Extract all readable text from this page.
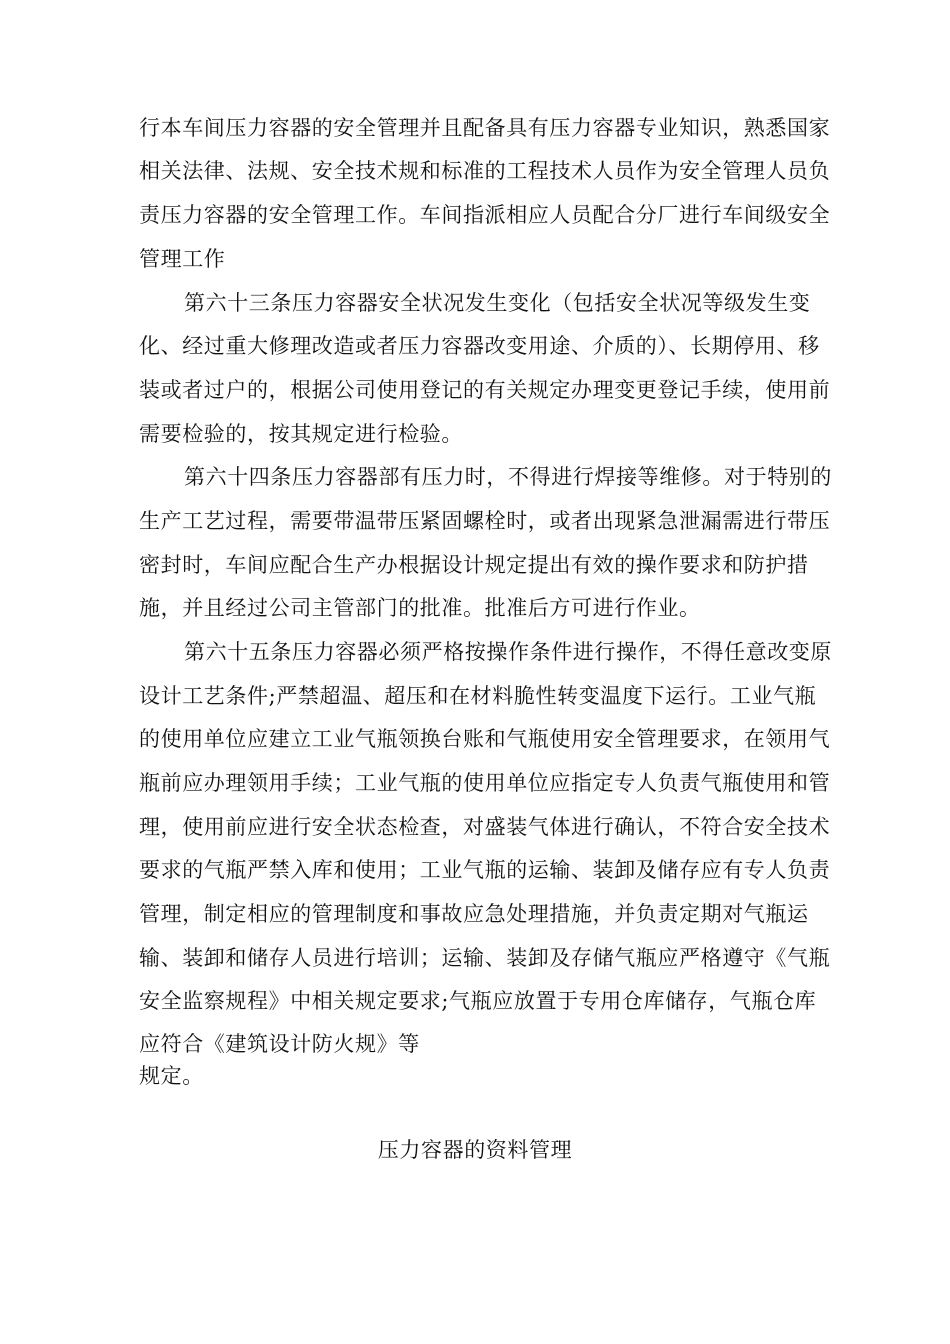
行本车间压力容器的安全管理并且配备具有压力容器专业知识，熟悉国家
相关法律、法规、安全技术规和标准的工程技术人员作为安全管理人员负
责压力容器的安全管理工作。车间指派相应人员配合分厂进行车间级安全
管理工作
第六十三条压力容器安全状况发生变化（包括安全状况等级发生变
化、经过重大修理改造或者压力容器改变用途、介质的）、长期停用、移
装或者过户的，根据公司使用登记的有关规定办理变更登记手续，使用前
需要检验的，按其规定进行检验。
第六十四条压力容器部有压力时，不得进行焊接等维修。对于特别的
生产工艺过程，需要带温带压紧固螺栓时，或者出现紧急泄漏需进行带压
密封时，车间应配合生产办根据设计规定提出有效的操作要求和防护措
施，并且经过公司主管部门的批准。批准后方可进行作业。
第六十五条压力容器必须严格按操作条件进行操作，不得任意改变原
设计工艺条件;严禁超温、超压和在材料脆性转变温度下运行。工业气瓶
的使用单位应建立工业气瓶领换台账和气瓶使用安全管理要求，在领用气
瓶前应办理领用手续；工业气瓶的使用单位应指定专人负责气瓶使用和管
理，使用前应进行安全状态检查，对盛装气体进行确认，不符合安全技术
要求的气瓶严禁入库和使用；工业气瓶的运输、装卸及储存应有专人负责
管理，制定相应的管理制度和事故应急处理措施，并负责定期对气瓶运
输、装卸和储存人员进行培训；运输、装卸及存储气瓶应严格遵守《气瓶
安全监察规程》中相关规定要求;气瓶应放置于专用仓库储存，气瓶仓库
应符合《建筑设计防火规》等
规定。
压力容器的资料管理
